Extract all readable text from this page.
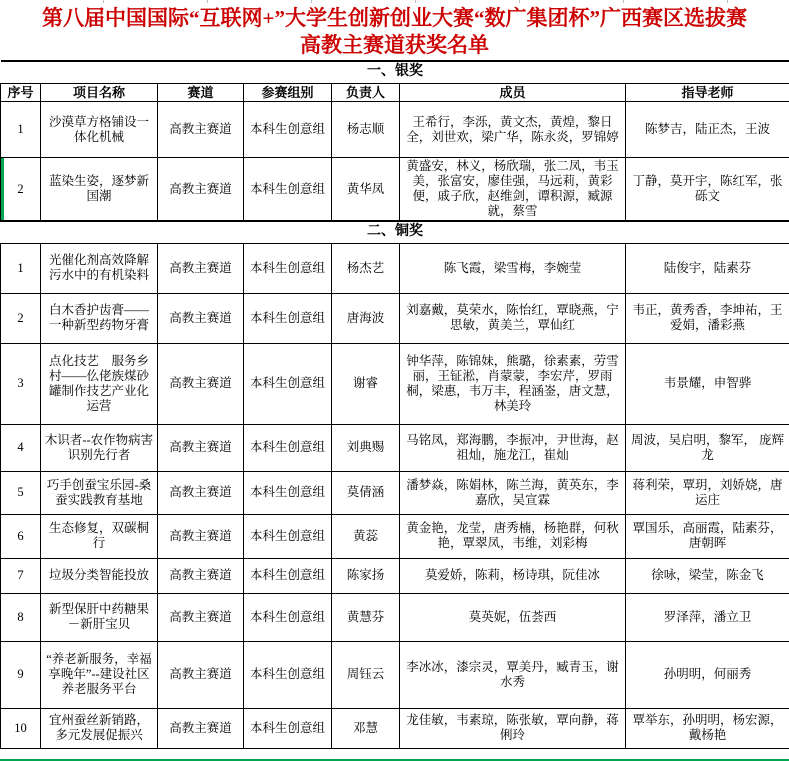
第八届中国国际“互联网+”大学生创新创业大赛“数广集团杯”广西赛区选拔赛
高教主赛道获奖名单
一、银奖						
序号	项目名称	赛道	参赛组别	负责人	成员	指导老师
1	沙漠草方格铺设一体化机械	高教主赛道	本科生创意组	杨志顺	王希行，李泺，黄文杰，黄煌，黎日全，刘世欢，梁广华，陈永炎，罗锦婷	陈梦吉，陆正杰，王波
2	蓝染生姿，逐梦新国潮	高教主赛道	本科生创意组	黄华凤	黄盛安，林义，杨欣瑞，张二凤，韦玉美，张富安，廖佳强，马远莉，黄彩便，戚子欣，赵维剑，谭积源，臧源就，蔡雪	丁静，莫开宇，陈红军，张砾文
二、铜奖						
1	光催化剂高效降解污水中的有机染料	高教主赛道	本科生创意组	杨杰艺	陈飞霞，梁雪梅，李婉莹	陆俊宇，陆素芬
2	白木香护齿膏——一种新型药物牙膏	高教主赛道	本科生创意组	唐海波	刘嘉戴，莫荣水，陈怡红，覃晓燕，宁思敏，黄美兰，覃仙红	韦正，黄秀香，李坤祐，王爱娟，潘彩燕
3	点化技艺　服务乡村——仫佬族煤砂罐制作技艺产业化运营	高教主赛道	本科生创意组	谢睿	钟华萍，陈锦妹，熊璐，徐素素，劳雪丽，王钲淞，肖蒙蒙，李宏芹，罗雨桐，梁惠，韦万丰，程涵崟，唐文慧，林美玲	韦景耀，申智骅
4	木识者--农作物病害识别先行者	高教主赛道	本科生创意组	刘典赐	马铭凤，郑海鹏，李振冲，尹世海，赵祖灿，施龙江，崔灿	周波，吴启明，黎军， 庞辉龙
5	巧手创蚕宝乐园-桑蚕实践教育基地	高教主赛道	本科生创意组	莫倩涵	潘梦焱，陈娟林，陈兰海，黄英东，李嘉欣，吴宣霖	蒋利荣，覃玥，刘娇娆，唐运庄
6	生态修复，双碳桐行	高教主赛道	本科生创意组	黄蕊	黄金艳，龙莹，唐秀楠，杨艳群，何秋艳，覃翠凤，韦维，刘彩梅	覃国乐，高丽霞，陆素芬，唐朝晖
7	垃圾分类智能投放	高教主赛道	本科生创意组	陈家扬	莫爱娇，陈莉，杨诗琪，阮佳冰	徐咏，梁莹，陈金飞
8	新型保肝中药糖果－新肝宝贝	高教主赛道	本科生创意组	黄慧芬	莫英妮，伍荟西	罗泽萍，潘立卫
9	“养老新服务，幸福享晚年”--建设社区养老服务平台	高教主赛道	本科生创意组	周钰云	李冰冰，漆宗灵，覃美丹，臧青玉，谢水秀	孙明明，何丽秀
10	宜州蚕丝新销路，多元发展促振兴	高教主赛道	本科生创意组	邓慧	龙佳敏，韦素琼，陈张敏，覃向静，蒋俐玲	覃举东，孙明明，杨宏源，戴杨艳
